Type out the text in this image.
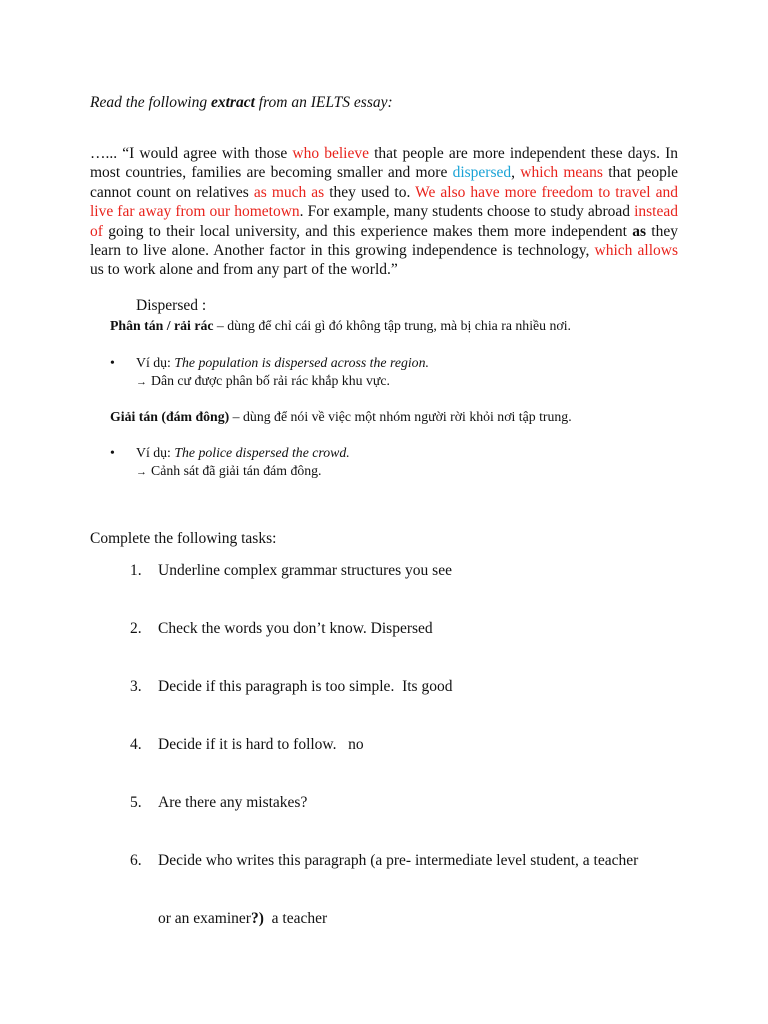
Read the following extract from an IELTS essay:

…... “I would agree with those who believe that people are more independent these days. In most countries, families are becoming smaller and more dispersed, which means that people cannot count on relatives as much as they used to. We also have more freedom to travel and live far away from our hometown. For example, many students choose to study abroad instead of going to their local university, and this experience makes them more independent as they learn to live alone. Another factor in this growing independence is technology, which allows us to work alone and from any part of the world.”

Dispersed :

Phân tán / rải rác – dùng để chỉ cái gì đó không tập trung, mà bị chia ra nhiều nơi.

•	Ví dụ: The population is dispersed across the region.
→ Dân cư được phân bố rải rác khắp khu vực.

Giải tán (đám đông) – dùng để nói về việc một nhóm người rời khỏi nơi tập trung.

•	Ví dụ: The police dispersed the crowd.
→ Cảnh sát đã giải tán đám đông.

Complete the following tasks:

1. Underline complex grammar structures you see
2. Check the words you don’t know. Dispersed
3. Decide if this paragraph is too simple.  Its good
4. Decide if it is hard to follow.   no
5. Are there any mistakes?
6. Decide who writes this paragraph (a pre- intermediate level student, a teacher
or an examiner?)  a teacher
